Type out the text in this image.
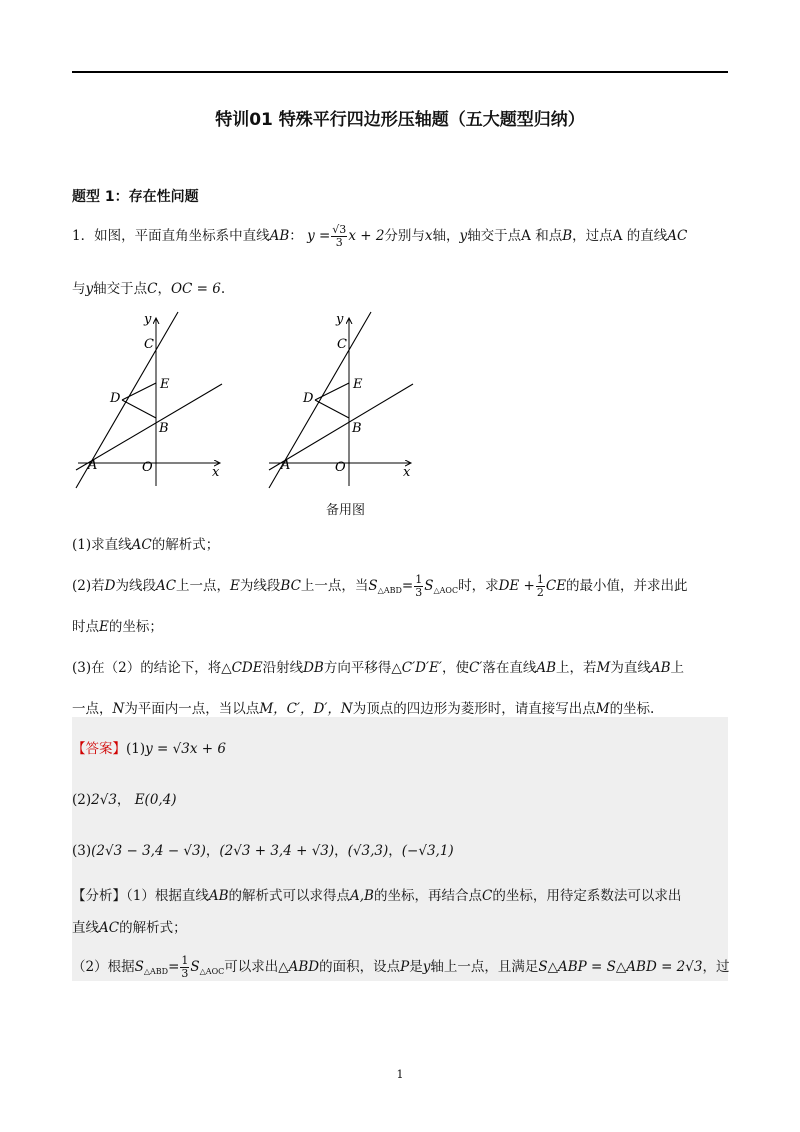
特训01 特殊平行四边形压轴题（五大题型归纳）
题型 1：存在性问题
1．如图，平面直角坐标系中直线AB： $y = \frac{√3}{3}$ x + 2分别与x轴，y轴交于点A 和点B，过点A 的直线AC
与y轴交于点C，OC = 6.
y
x
C
E
D
B
A	O
y
x
C
E
D
B
A	O
备用图
(1)求直线AC的解析式；
(2)若D为线段AC上一点，E为线段BC上一点，当$S_{\triangle ABD}= \frac{1}{3} S_{\triangle AOC}$时，求DE + $\frac{1}{2}$ CE的最小值，并求出此
时点E的坐标；
(3)在（2）的结论下，将△CDE沿射线DB方向平移得△C′D′E′，使C′落在直线AB上，若M为直线AB上
一点，N为平面内一点，当以点M，C′，D′，N为顶点的四边形为菱形时，请直接写出点M的坐标.
【答案】(1)y = √3x + 6
(2)2√3， E(0,4)
(3)(2√3 − 3,4 − √3)，(2√3 + 3,4 + √3)，(√3,3)，(−√3,1)
【分析】（1）根据直线AB的解析式可以求得点A,B的坐标，再结合点C的坐标，用待定系数法可以求出
直线AC的解析式；
（2）根据$S_{\triangle ABD}= \frac{1}{3} S_{\triangle AOC}$可以求出△ABD的面积，设点P是y轴上一点，且满足S△ABP = S△ABD = 2√3，过
1
